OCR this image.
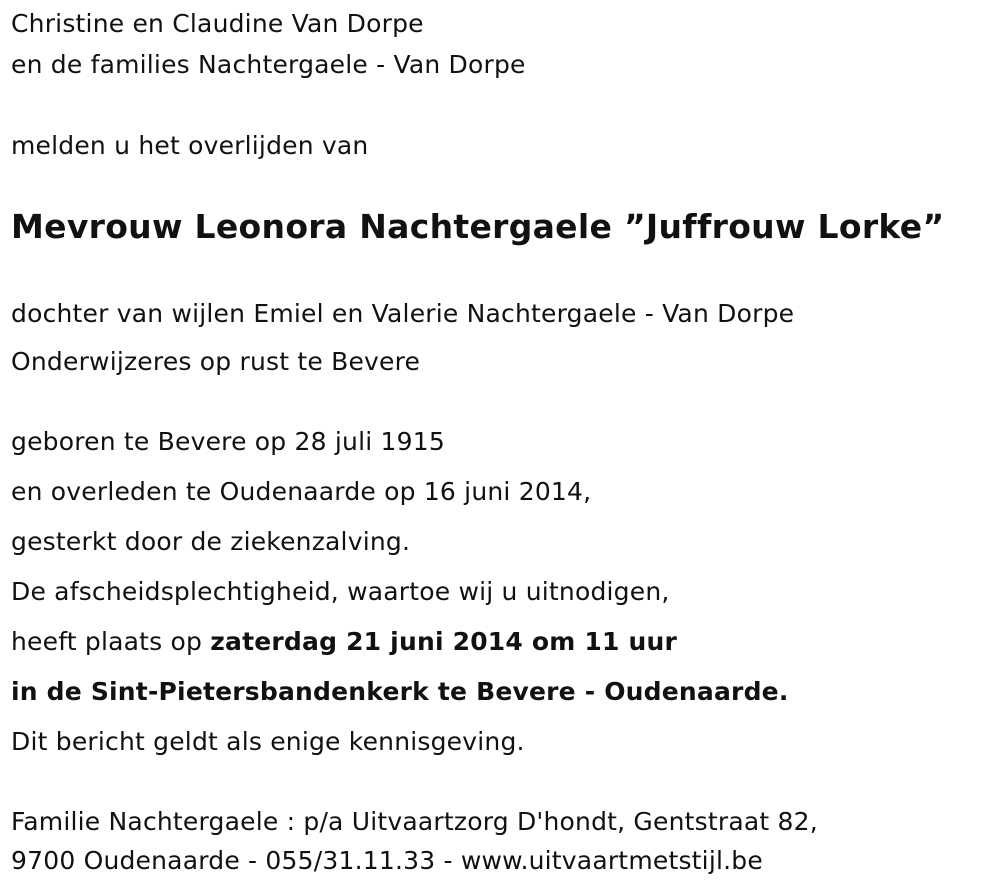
Christine en Claudine Van Dorpe
en de families Nachtergaele - Van Dorpe
melden u het overlijden van
Mevrouw Leonora Nachtergaele ”Juffrouw Lorke”
dochter van wijlen Emiel en Valerie Nachtergaele - Van Dorpe
Onderwijzeres op rust te Bevere
geboren te Bevere op 28 juli 1915
en overleden te Oudenaarde op 16 juni 2014,
gesterkt door de ziekenzalving.
De afscheidsplechtigheid, waartoe wij u uitnodigen,
heeft plaats op zaterdag 21 juni 2014 om 11 uur
in de Sint-Pietersbandenkerk te Bevere - Oudenaarde.
Dit bericht geldt als enige kennisgeving.
Familie Nachtergaele : p/a Uitvaartzorg D'hondt, Gentstraat 82,
9700 Oudenaarde - 055/31.11.33 - www.uitvaartmetstijl.be
